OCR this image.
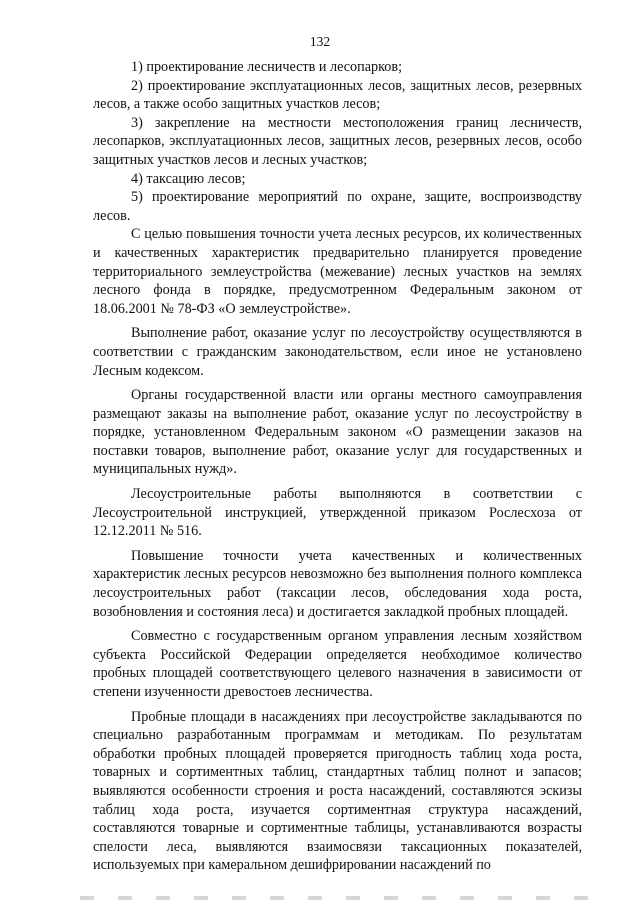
132

1) проектирование лесничеств и лесопарков;

2) проектирование эксплуатационных лесов, защитных лесов, резервных лесов, а также особо защитных участков лесов;

3) закрепление на местности местоположения границ лесничеств, лесопарков, эксплуатационных лесов, защитных лесов, резервных лесов, особо защитных участков лесов и лесных участков;

4) таксацию лесов;

5) проектирование мероприятий по охране, защите, воспроизводству лесов.

С целью повышения точности учета лесных ресурсов, их количественных и качественных характеристик предварительно планируется проведение территориального землеустройства (межевание) лесных участков на землях лесного фонда в порядке, предусмотренном Федеральным законом от 18.06.2001 № 78-ФЗ «О землеустройстве».

Выполнение работ, оказание услуг по лесоустройству осуществляются в соответствии с гражданским законодательством, если иное не установлено Лесным кодексом.

Органы государственной власти или органы местного самоуправления размещают заказы на выполнение работ, оказание услуг по лесоустройству в порядке, установленном Федеральным законом «О размещении заказов на поставки товаров, выполнение работ, оказание услуг для государственных и муниципальных нужд».

Лесоустроительные работы выполняются в соответствии с Лесоустроительной инструкцией, утвержденной приказом Рослесхоза от 12.12.2011 № 516.

Повышение точности учета качественных и количественных характеристик лесных ресурсов невозможно без выполнения полного комплекса лесоустроительных работ (таксации лесов, обследования хода роста, возобновления и состояния леса) и достигается закладкой пробных площадей.

Совместно с государственным органом управления лесным хозяйством субъекта Российской Федерации определяется необходимое количество пробных площадей соответствующего целевого назначения в зависимости от степени изученности древостоев лесничества.

Пробные площади в насаждениях при лесоустройстве закладываются по специально разработанным программам и методикам. По результатам обработки пробных площадей проверяется пригодность таблиц хода роста, товарных и сортиментных таблиц, стандартных таблиц полнот и запасов; выявляются особенности строения и роста насаждений, составляются эскизы таблиц хода роста, изучается сортиментная структура насаждений, составляются товарные и сортиментные таблицы, устанавливаются возрасты спелости леса, выявляются взаимосвязи таксационных показателей, используемых при камеральном дешифрировании насаждений по
